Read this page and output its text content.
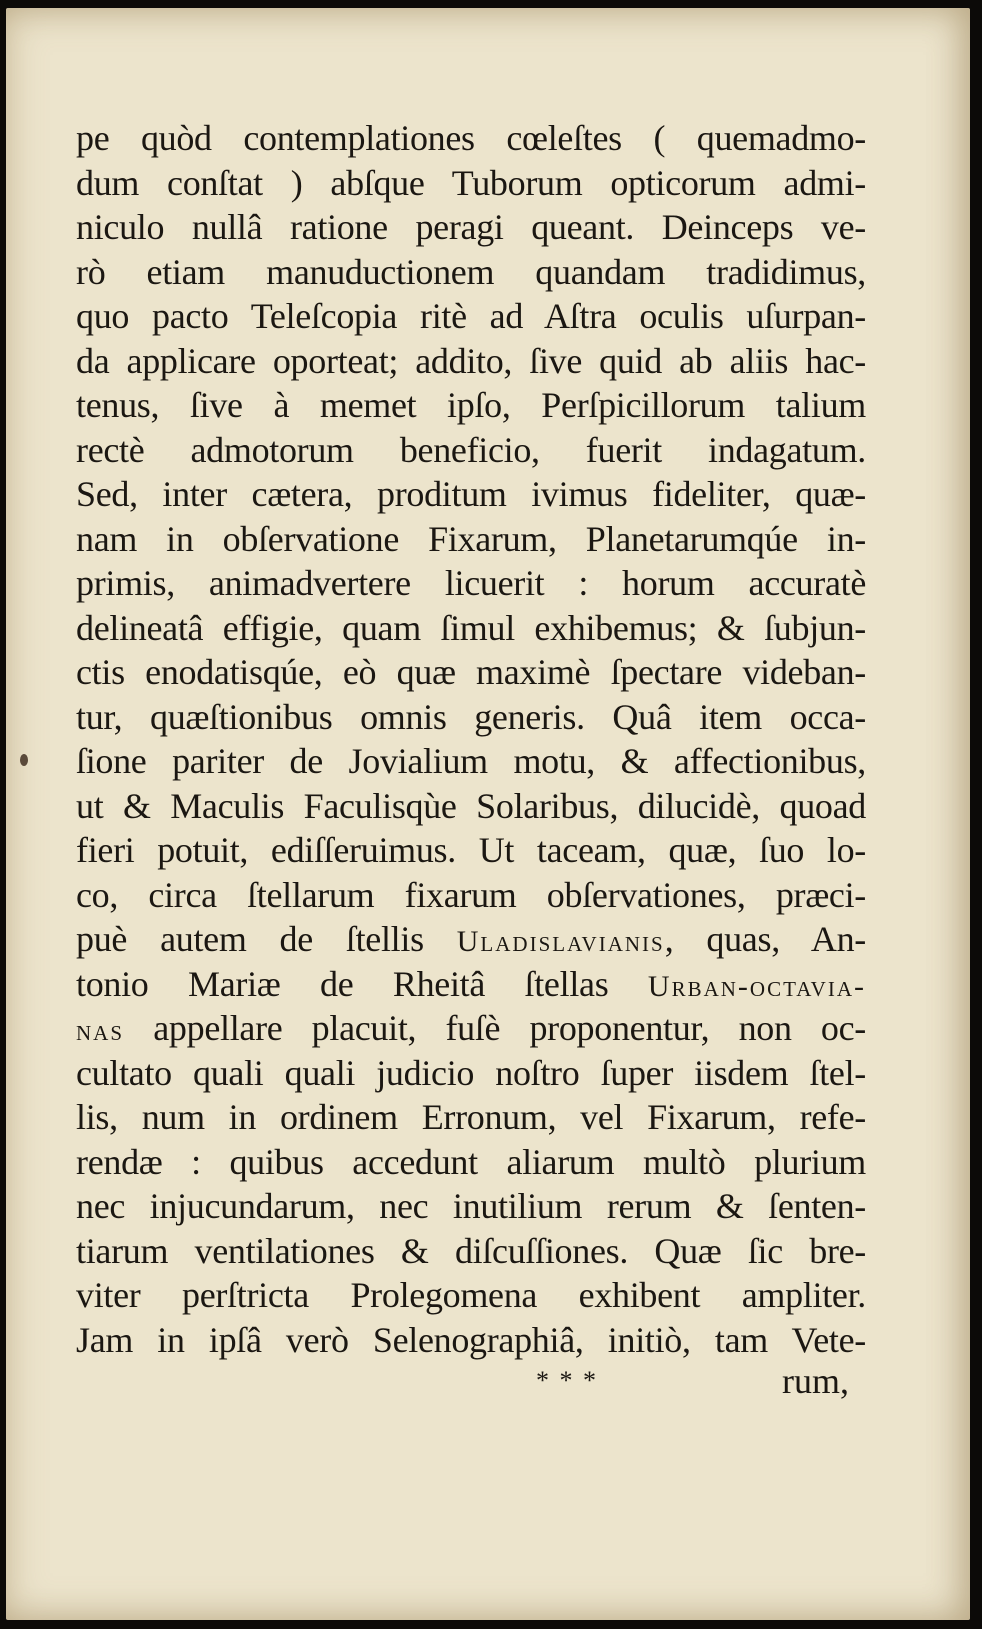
pe quòd contemplationes cœleſtes ( quemadmo-
dum conſtat ) abſque Tuborum opticorum admi-
niculo nullâ ratione peragi queant. Deinceps ve-
rò etiam manuductionem quandam tradidimus,
quo pacto Teleſcopia ritè ad Aſtra oculis uſurpan-
da applicare oporteat; addito, ſive quid ab aliis hac-
tenus, ſive à memet ipſo, Perſpicillorum talium
rectè admotorum beneficio, fuerit indagatum.
Sed, inter cætera, proditum ivimus fideliter, quæ-
nam in obſervatione Fixarum, Planetarumqúe in-
primis, animadvertere licuerit : horum accuratè
delineatâ effigie, quam ſimul exhibemus; & ſubjun-
ctis enodatisqúe, eò quæ maximè ſpectare videban-
tur, quæſtionibus omnis generis. Quâ item occa-
ſione pariter de Jovialium motu, & affectionibus,
ut & Maculis Faculisqùe Solaribus, dilucidè, quoad
fieri potuit, ediſſeruimus. Ut taceam, quæ, ſuo lo-
co, circa ſtellarum fixarum obſervationes, præci-
puè autem de ſtellis Uladislavianis, quas, An-
tonio Mariæ de Rheitâ ſtellas Urban-octavia-
nas appellare placuit, fuſè proponentur, non oc-
cultato quali quali judicio noſtro ſuper iisdem ſtel-
lis, num in ordinem Erronum, vel Fixarum, refe-
rendæ : quibus accedunt aliarum multò plurium
nec injucundarum, nec inutilium rerum & ſenten-
tiarum ventilationes & diſcuſſiones. Quæ ſic bre-
viter perſtricta Prolegomena exhibent ampliter.
Jam in ipſâ verò Selenographiâ, initiò, tam Vete-
* * *	rum,
